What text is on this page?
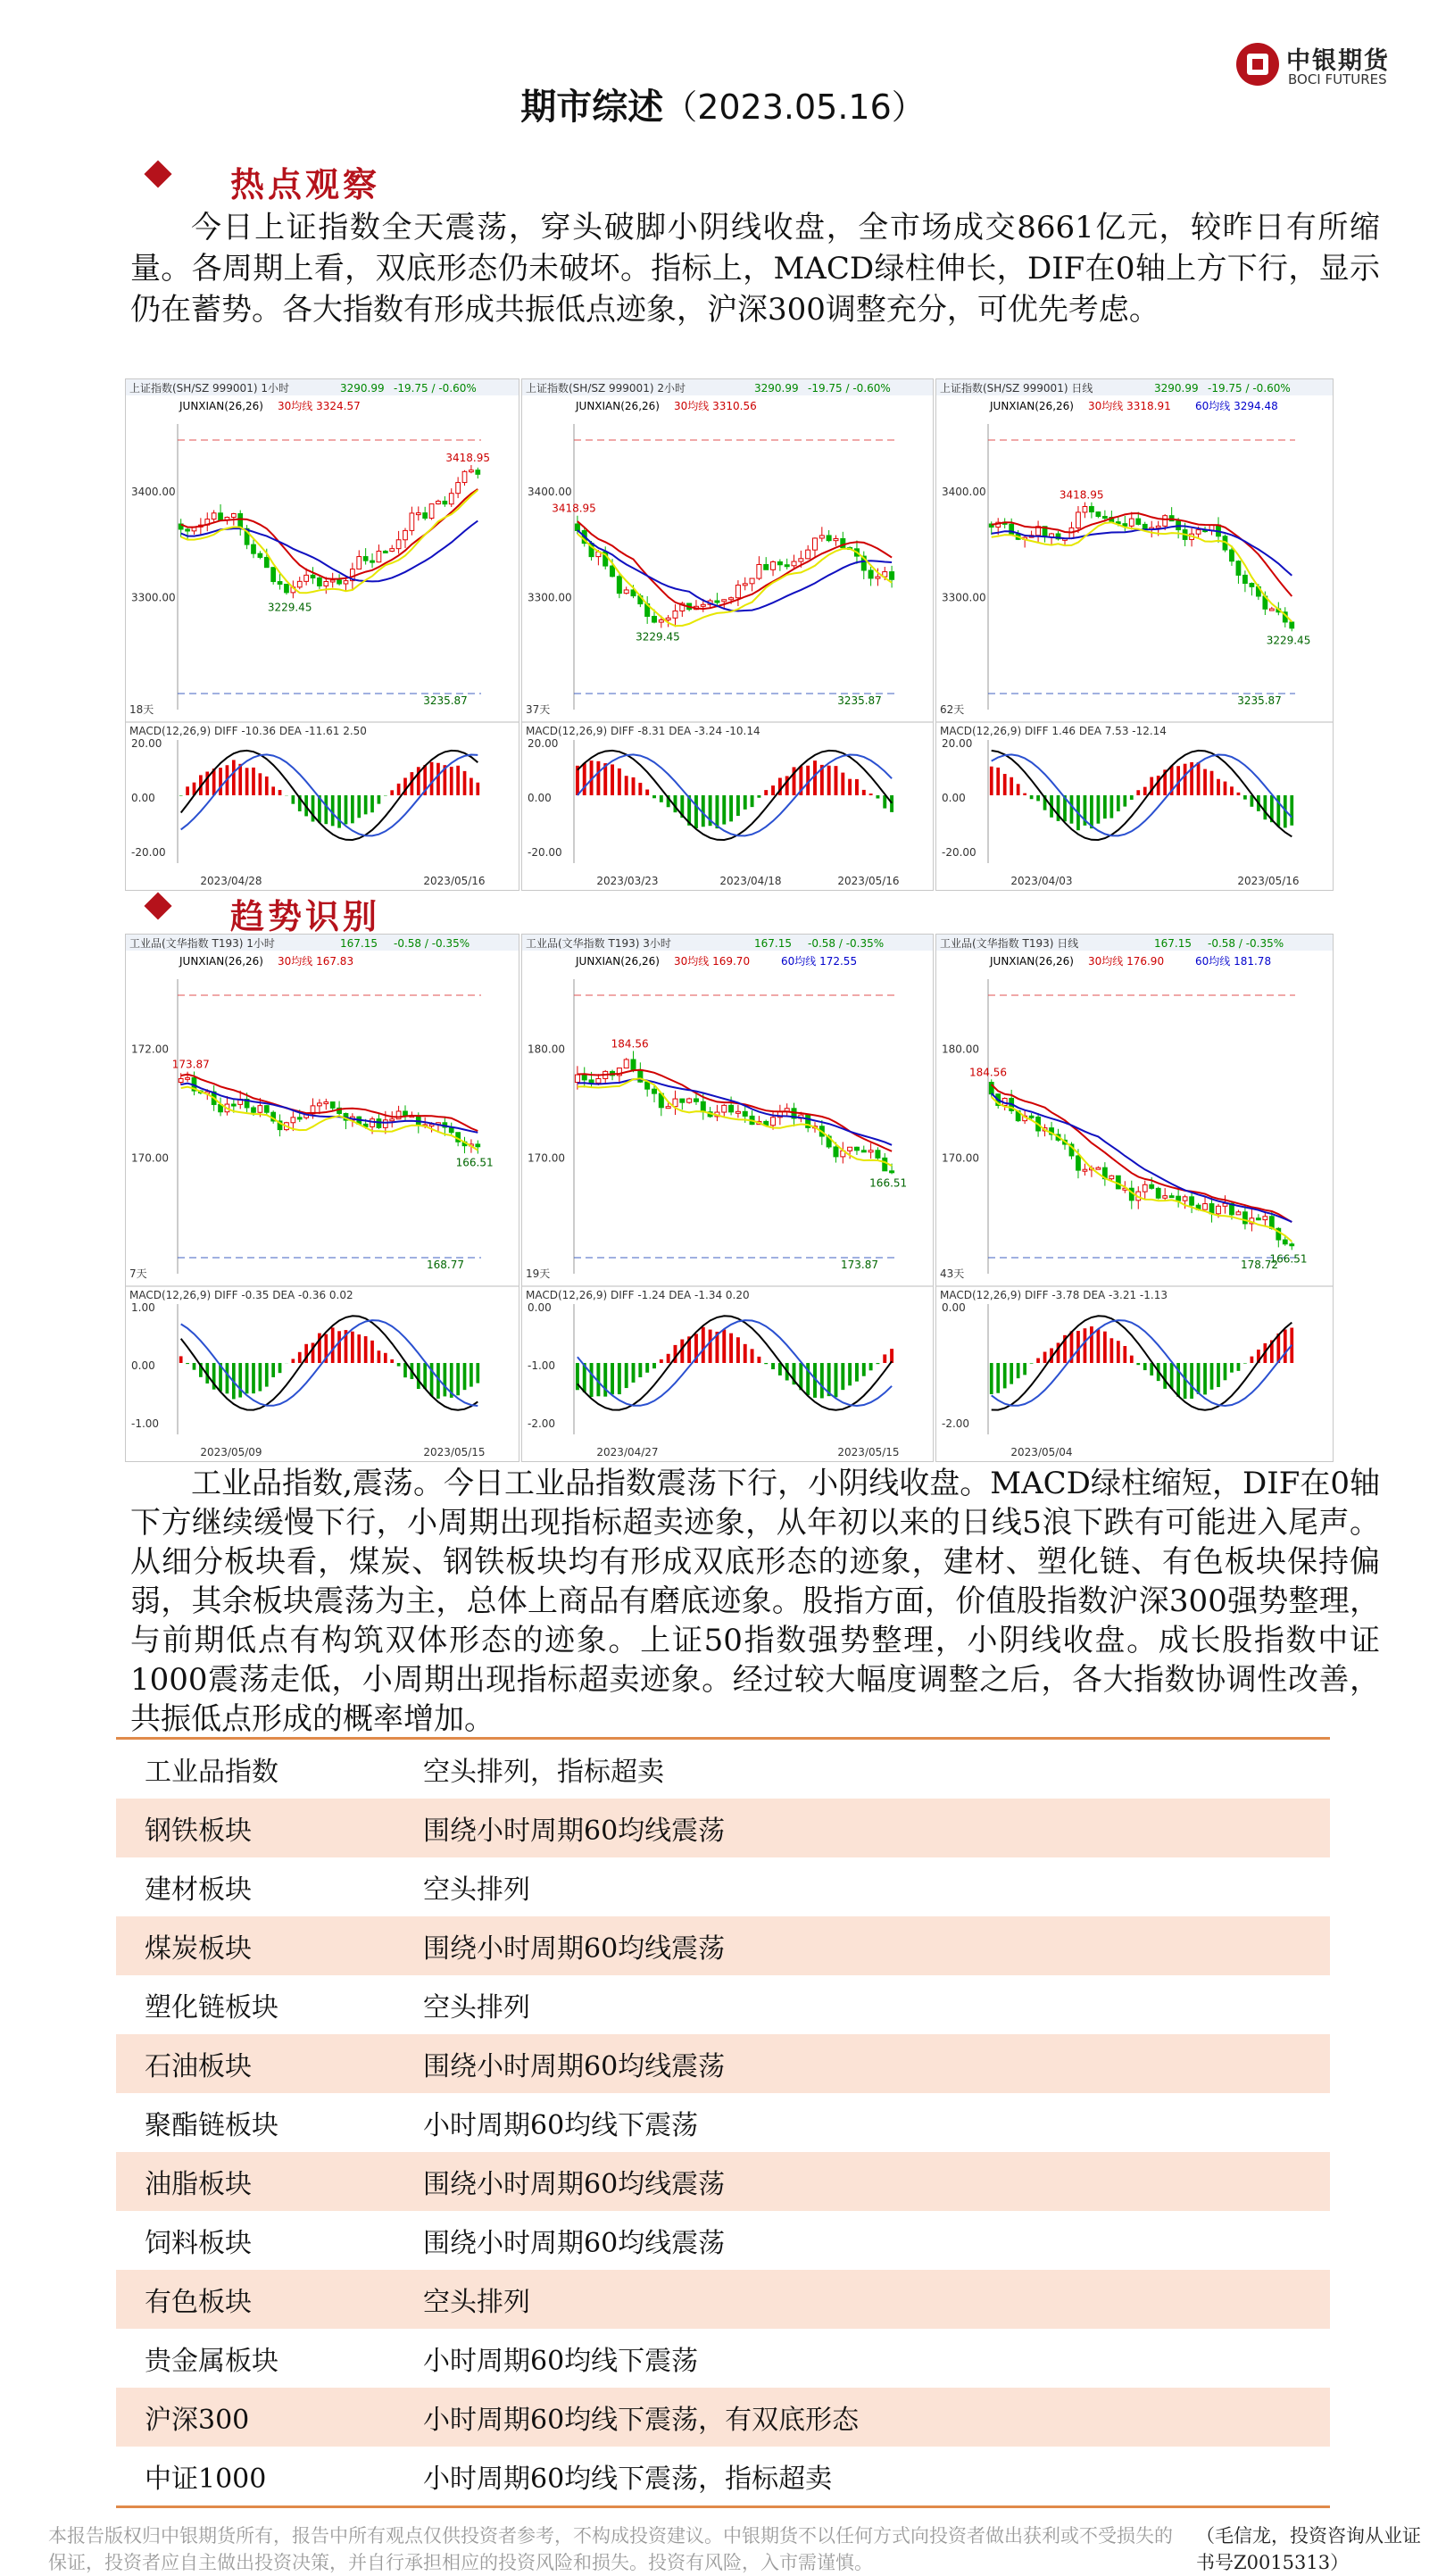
中银期货
BOCI FUTURES
期市综述（2023.05.16）
热点观察
今日上证指数全天震荡，穿头破脚小阴线收盘，全市场成交8661亿元，较昨日有所缩量。各周期上看，双底形态仍未破坏。指标上，MACD绿柱伸长，DIF在0轴上方下行，显示仍在蓄势。各大指数有形成共振低点迹象，沪深300调整充分，可优先考虑。
上证指数(SH/SZ 999001) 1小时	3290.99 -19.75 / -0.60%
JUNXIAN(26,26) 30均线 3324.57
3400.00
3300.00
3418.95
3229.45
3235.87
18天
MACD(12,26,9) DIFF -10.36 DEA -11.61 2.50
20.00
0.00
-20.00
2023/04/28	2023/05/16
上证指数(SH/SZ 999001) 2小时	3290.99 -19.75 / -0.60%
JUNXIAN(26,26) 30均线 3310.56
3400.00
3300.00
3418.95
3229.45
3235.87
37天
MACD(12,26,9) DIFF -8.31 DEA -3.24 -10.14
20.00
0.00
-20.00
2023/03/23	2023/04/18	2023/05/16
上证指数(SH/SZ 999001) 日线	3290.99 -19.75 / -0.60%
JUNXIAN(26,26) 30均线 3318.91 60均线 3294.48
3400.00
3300.00
3418.95
3229.45
3235.87
62天
MACD(12,26,9) DIFF 1.46 DEA 7.53 -12.14
20.00
0.00
-20.00
2023/04/03	2023/05/16
工业品(文华指数 T193) 1小时	167.15 -0.58 / -0.35%
JUNXIAN(26,26) 30均线 167.83
172.00
170.00
173.87
166.51
168.77
7天
MACD(12,26,9) DIFF -0.35 DEA -0.36 0.02
1.00
0.00
-1.00
2023/05/09	2023/05/15
工业品(文华指数 T193) 3小时	167.15 -0.58 / -0.35%
JUNXIAN(26,26) 30均线 169.70	60均线 172.55
180.00
170.00
184.56
166.51
173.87
19天
MACD(12,26,9) DIFF -1.24 DEA -1.34 0.20
0.00
-1.00
-2.00
2023/04/27	2023/05/15
工业品(文华指数 T193) 日线	167.15 -0.58 / -0.35%
JUNXIAN(26,26) 30均线 176.90	60均线 181.78
180.00
170.00
184.56
166.51
178.72
43天
MACD(12,26,9) DIFF -3.78 DEA -3.21 -1.13
0.00
-2.00
2023/05/04
趋势识别
工业品指数,震荡。今日工业品指数震荡下行，小阴线收盘。MACD绿柱缩短，DIF在0轴下方继续缓慢下行，小周期出现指标超卖迹象，从年初以来的日线5浪下跌有可能进入尾声。从细分板块看，煤炭、钢铁板块均有形成双底形态的迹象，建材、塑化链、有色板块保持偏弱，其余板块震荡为主，总体上商品有磨底迹象。股指方面，价值股指数沪深300强势整理，与前期低点有构筑双体形态的迹象。上证50指数强势整理，小阴线收盘。成长股指数中证1000震荡走低，小周期出现指标超卖迹象。经过较大幅度调整之后，各大指数协调性改善，共振低点形成的概率增加。
工业品指数	空头排列，指标超卖
钢铁板块	围绕小时周期60均线震荡
建材板块	空头排列
煤炭板块	围绕小时周期60均线震荡
塑化链板块	空头排列
石油板块	围绕小时周期60均线震荡
聚酯链板块	小时周期60均线下震荡
油脂板块	围绕小时周期60均线震荡
饲料板块	围绕小时周期60均线震荡
有色板块	空头排列
贵金属板块	小时周期60均线下震荡
沪深300	小时周期60均线下震荡，有双底形态
中证1000	小时周期60均线下震荡，指标超卖
本报告版权归中银期货所有，报告中所有观点仅供投资者参考，不构成投资建议。中银期货不以任何方式向投资者做出获利或不受损失的保证，投资者应自主做出投资决策，并自行承担相应的投资风险和损失。投资有风险，入市需谨慎。
（毛信龙，投资咨询从业证书号Z0015313）
